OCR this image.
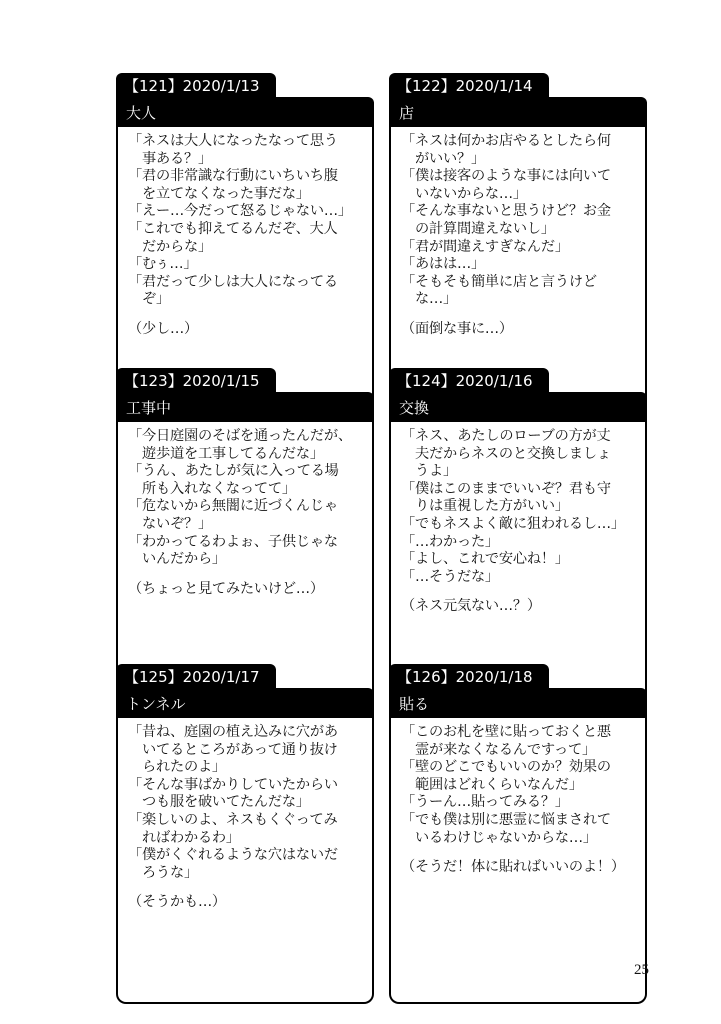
【121】2020/1/13
大人
「ネスは大人になったなって思う
　事ある？」
「君の非常識な行動にいちいち腹
　を立てなくなった事だな」
「えー…今だって怒るじゃない…」
「これでも抑えてるんだぞ、大人
　だからな」
「むぅ…」
「君だって少しは大人になってる
　ぞ」
（少し…）
【122】2020/1/14
店
「ネスは何かお店やるとしたら何
　がいい？」
「僕は接客のような事には向いて
　いないからな…」
「そんな事ないと思うけど？お金
　の計算間違えないし」
「君が間違えすぎなんだ」
「あはは…」
「そもそも簡単に店と言うけど
　な…」
（面倒な事に…）
【123】2020/1/15
工事中
「今日庭園のそばを通ったんだが、
　遊歩道を工事してるんだな」
「うん、あたしが気に入ってる場
　所も入れなくなってて」
「危ないから無闇に近づくんじゃ
　ないぞ？」
「わかってるわよぉ、子供じゃな
　いんだから」
（ちょっと見てみたいけど…）
【124】2020/1/16
交換
「ネス、あたしのローブの方が丈
　夫だからネスのと交換しましょ
　うよ」
「僕はこのままでいいぞ？君も守
　りは重視した方がいい」
「でもネスよく敵に狙われるし…」
「…わかった」
「よし、これで安心ね！」
「…そうだな」
（ネス元気ない…？）
【125】2020/1/17
トンネル
「昔ね、庭園の植え込みに穴があ
　いてるところがあって通り抜け
　られたのよ」
「そんな事ばかりしていたからい
　つも服を破いてたんだな」
「楽しいのよ、ネスもくぐってみ
　ればわかるわ」
「僕がくぐれるような穴はないだ
　ろうな」
（そうかも…）
【126】2020/1/18
貼る
「このお札を壁に貼っておくと悪
　霊が来なくなるんですって」
「壁のどこでもいいのか？効果の
　範囲はどれくらいなんだ」
「うーん…貼ってみる？」
「でも僕は別に悪霊に悩まされて
　いるわけじゃないからな…」
（そうだ！体に貼ればいいのよ！）
25
